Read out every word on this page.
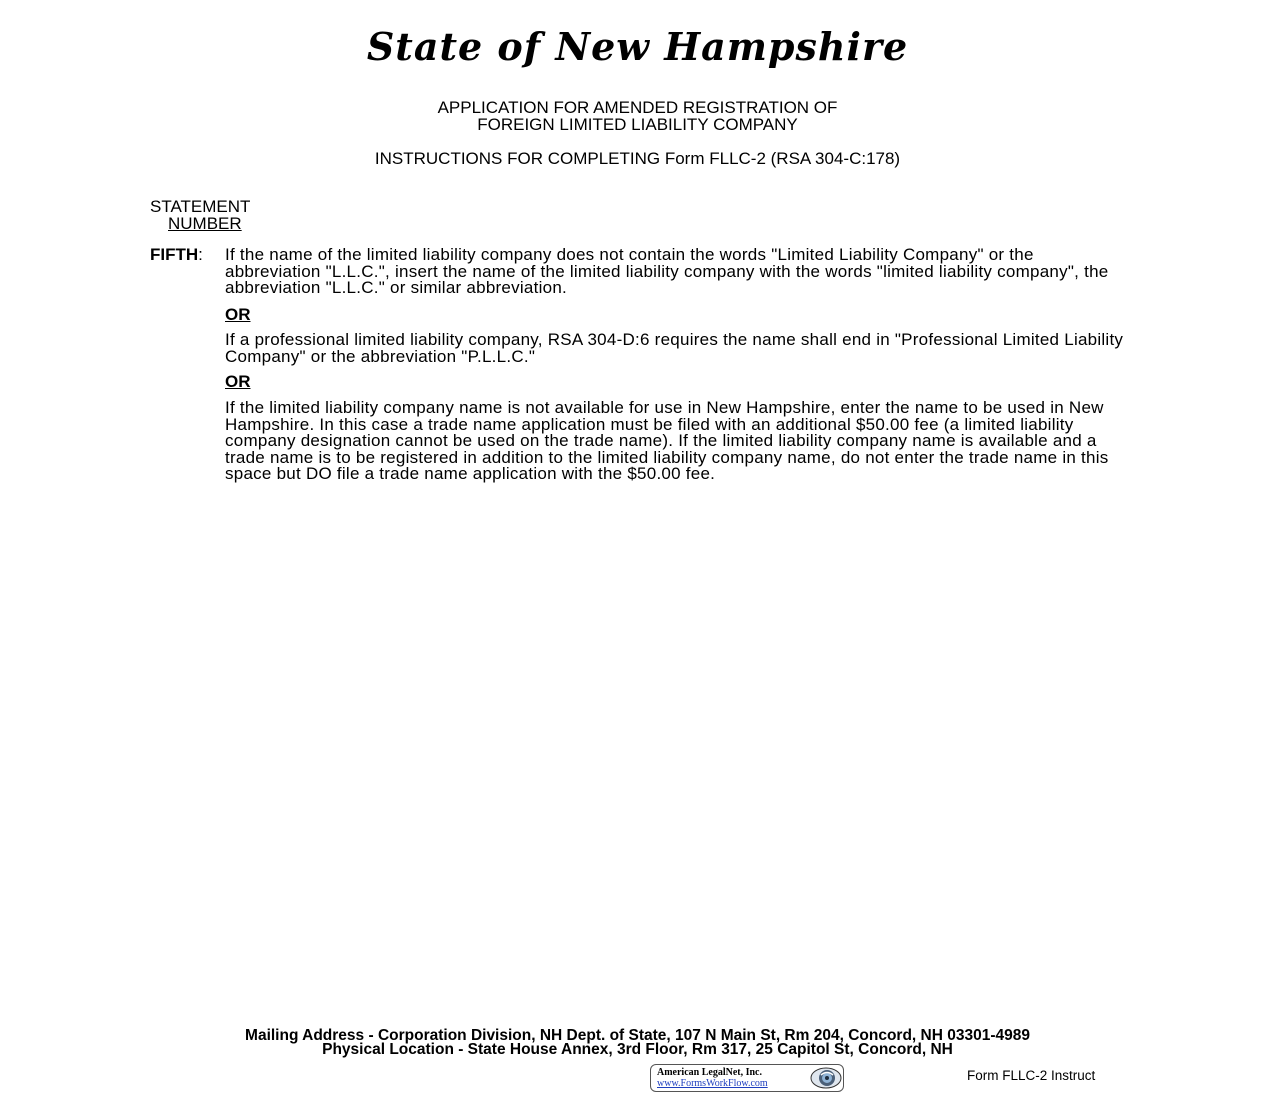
State of New Hampshire
APPLICATION FOR AMENDED REGISTRATION OF
FOREIGN LIMITED LIABILITY COMPANY
INSTRUCTIONS FOR COMPLETING Form FLLC-2 (RSA 304-C:178)
STATEMENT
NUMBER
FIFTH: If the name of the limited liability company does not contain the words "Limited Liability Company" or the abbreviation "L.L.C.", insert the name of the limited liability company with the words "limited liability company", the abbreviation "L.L.C." or similar abbreviation.
OR
If a professional limited liability company, RSA 304-D:6 requires the name shall end in "Professional Limited Liability Company" or the abbreviation "P.L.L.C."
OR
If the limited liability company name is not available for use in New Hampshire, enter the name to be used in New Hampshire. In this case a trade name application must be filed with an additional $50.00 fee (a limited liability company designation cannot be used on the trade name). If the limited liability company name is available and a trade name is to be registered in addition to the limited liability company name, do not enter the trade name in this space but DO file a trade name application with the $50.00 fee.
Mailing Address - Corporation Division, NH Dept. of State, 107 N Main St, Rm 204, Concord, NH 03301-4989
Physical Location - State House Annex, 3rd Floor, Rm 317, 25 Capitol St, Concord, NH
American LegalNet, Inc.
www.FormsWorkFlow.com
Form FLLC-2 Instruct
